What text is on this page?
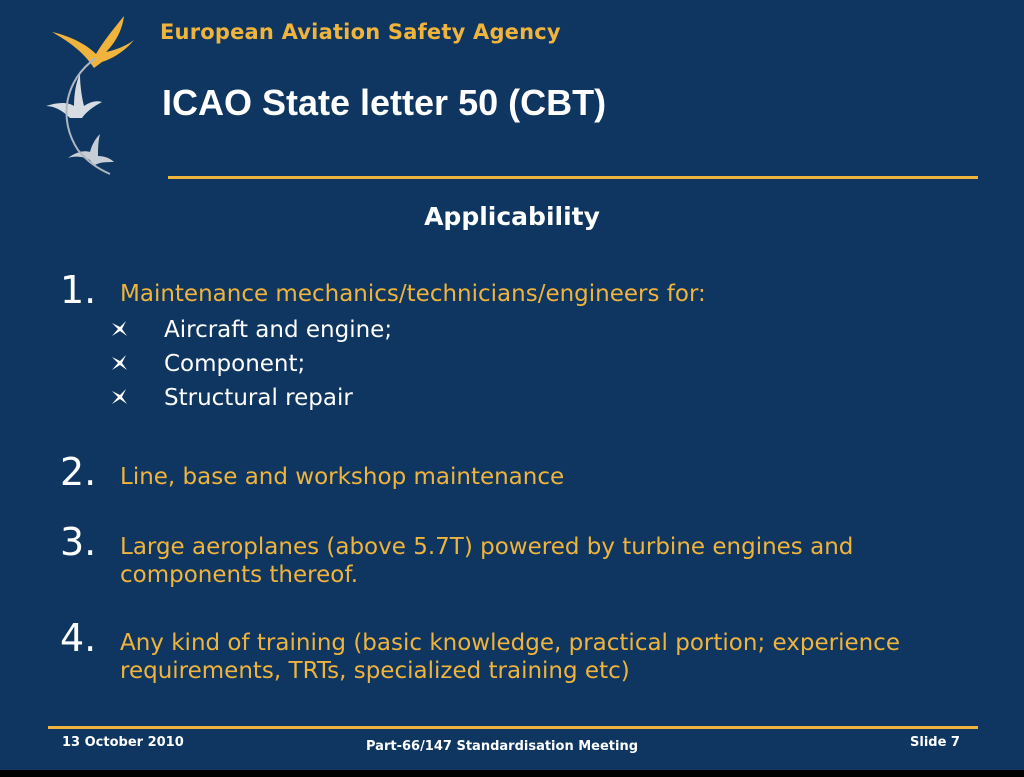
European Aviation Safety Agency
ICAO State letter 50 (CBT)
Applicability
1. Maintenance mechanics/technicians/engineers for:
Aircraft and engine;
Component;
Structural repair
2. Line, base and workshop maintenance
3. Large aeroplanes (above 5.7T) powered by turbine engines and components thereof.
4. Any kind of training (basic knowledge, practical portion; experience requirements, TRTs, specialized training etc)
13 October 2010	Part-66/147 Standardisation Meeting	Slide 7
